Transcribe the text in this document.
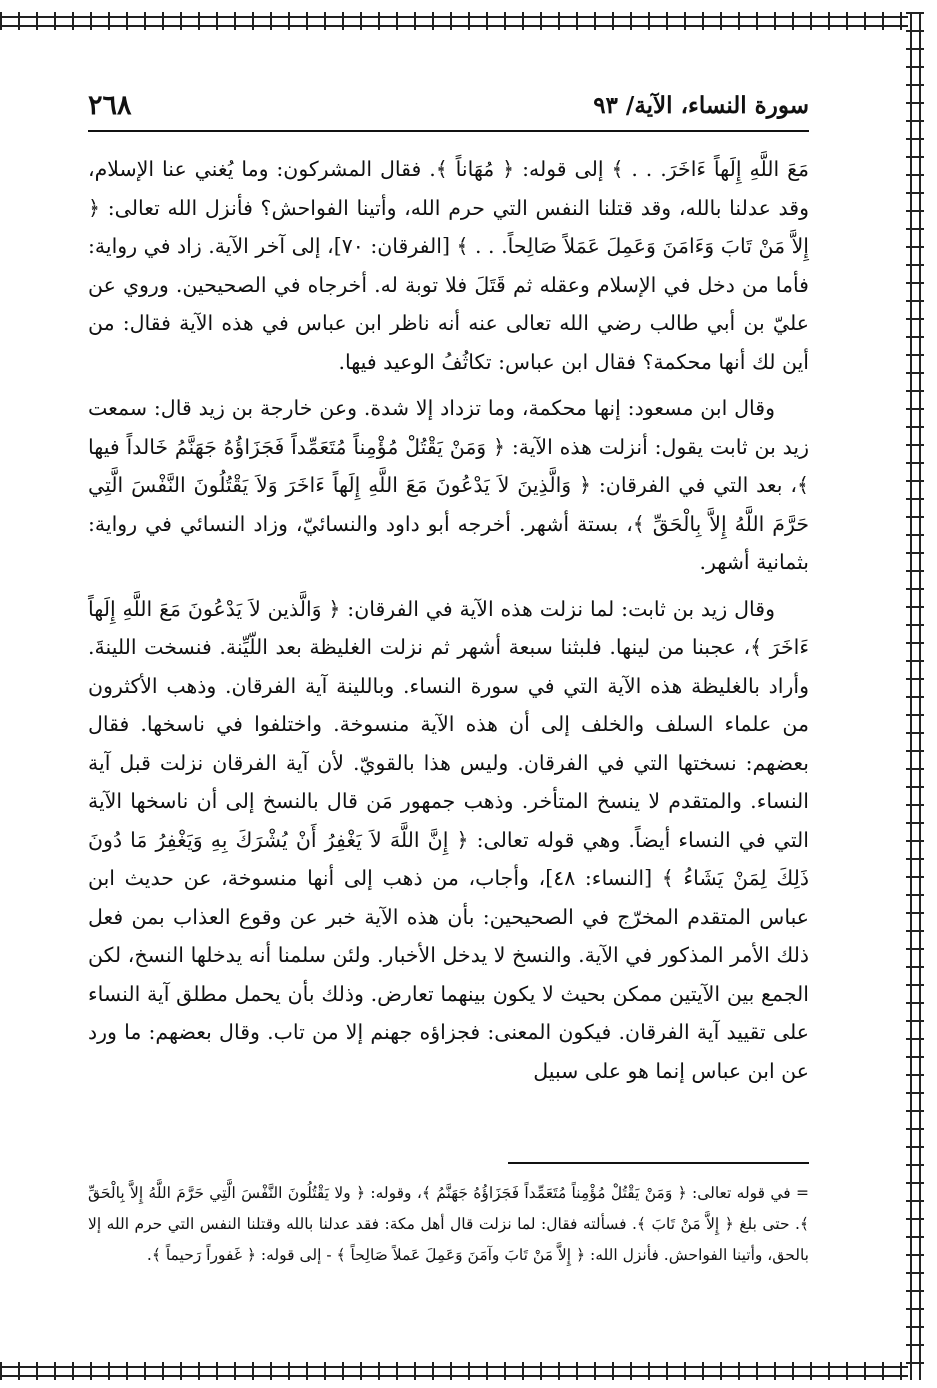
سورة النساء، الآية/ ٩٣
٢٦٨

مَعَ اللَّهِ إِلَهاً ءَاخَرَ. . . ﴾ إلى قوله: ﴿ مُهَاناً ﴾. فقال المشركون: وما يُغني عنا الإسلام، وقد عدلنا بالله، وقد قتلنا النفس التي حرم الله، وأتينا الفواحش؟ فأنزل الله تعالى: ﴿ إِلاَّ مَنْ تَابَ وَءَامَنَ وَعَمِلَ عَمَلاً صَالِحاً. . . ﴾ [الفرقان: ٧٠]، إلى آخر الآية. زاد في رواية: فأما من دخل في الإسلام وعقله ثم قَتَلَ فلا توبة له. أخرجاه في الصحيحين. وروي عن عليّ بن أبي طالب رضي الله تعالى عنه أنه ناظر ابن عباس في هذه الآية فقال: من أين لك أنها محكمة؟ فقال ابن عباس: تكاثُفُ الوعيد فيها.

وقال ابن مسعود: إنها محكمة، وما تزداد إلا شدة. وعن خارجة بن زيد قال: سمعت زيد بن ثابت يقول: أنزلت هذه الآية: ﴿ وَمَنْ يَقْتُلْ مُؤْمِناً مُتَعَمِّداً فَجَزَاؤُهُ جَهَنَّمُ خَالداً فيها ﴾، بعد التي في الفرقان: ﴿ وَالَّذِينَ لاَ يَدْعُونَ مَعَ اللَّهِ إِلَهاً ءَاخَرَ وَلاَ يَقْتُلُونَ النَّفْسَ الَّتِي حَرَّمَ اللَّهُ إِلاَّ بِالْحَقِّ ﴾، بستة أشهر. أخرجه أبو داود والنسائيّ، وزاد النسائي في رواية: بثمانية أشهر.

وقال زيد بن ثابت: لما نزلت هذه الآية في الفرقان: ﴿ وَالَّذين لاَ يَدْعُونَ مَعَ اللَّهِ إِلَهاً ءَاخَرَ ﴾، عجبنا من لينها. فلبثنا سبعة أشهر ثم نزلت الغليظة بعد اللّيِّنة. فنسخت اللينةَ. وأراد بالغليظة هذه الآية التي في سورة النساء. وباللينة آية الفرقان. وذهب الأكثرون من علماء السلف والخلف إلى أن هذه الآية منسوخة. واختلفوا في ناسخها. فقال بعضهم: نسختها التي في الفرقان. وليس هذا بالقويّ. لأن آية الفرقان نزلت قبل آية النساء. والمتقدم لا ينسخ المتأخر. وذهب جمهور مَن قال بالنسخ إلى أن ناسخها الآية التي في النساء أيضاً. وهي قوله تعالى: ﴿ إِنَّ اللَّهَ لاَ يَغْفِرُ أَنْ يُشْرَكَ بِهِ وَيَغْفِرُ مَا دُونَ ذَلِكَ لِمَنْ يَشَاءُ ﴾ [النساء: ٤٨]، وأجاب، من ذهب إلى أنها منسوخة، عن حديث ابن عباس المتقدم المخرّج في الصحيحين: بأن هذه الآية خبر عن وقوع العذاب بمن فعل ذلك الأمر المذكور في الآية. والنسخ لا يدخل الأخبار. ولئن سلمنا أنه يدخلها النسخ، لكن الجمع بين الآيتين ممكن بحيث لا يكون بينهما تعارض. وذلك بأن يحمل مطلق آية النساء على تقييد آية الفرقان. فيكون المعنى: فجزاؤه جهنم إلا من تاب. وقال بعضهم: ما ورد عن ابن عباس إنما هو على سبيل

= في قوله تعالى: ﴿ وَمَنْ يَقْتُلْ مُؤْمِناً مُتَعَمِّداً فَجَزَاؤُهُ جَهَنَّمُ ﴾، وقوله: ﴿ ولا يَقْتُلُونَ النَّفْسَ الَّتِي حَرَّمَ اللَّهُ إِلاَّ بِالْحَقِّ ﴾. حتى بلغ ﴿ إِلاَّ مَنْ تَابَ ﴾. فسألته فقال: لما نزلت قال أهل مكة: فقد عدلنا بالله وقتلنا النفس التي حرم الله إلا بالحق، وأتينا الفواحش. فأنزل الله: ﴿ إِلاَّ مَنْ تَابَ وآمَنَ وَعَمِلَ عَملاً صَالِحاً ﴾ - إلى قوله: ﴿ غَفوراً رَحيماً ﴾.
